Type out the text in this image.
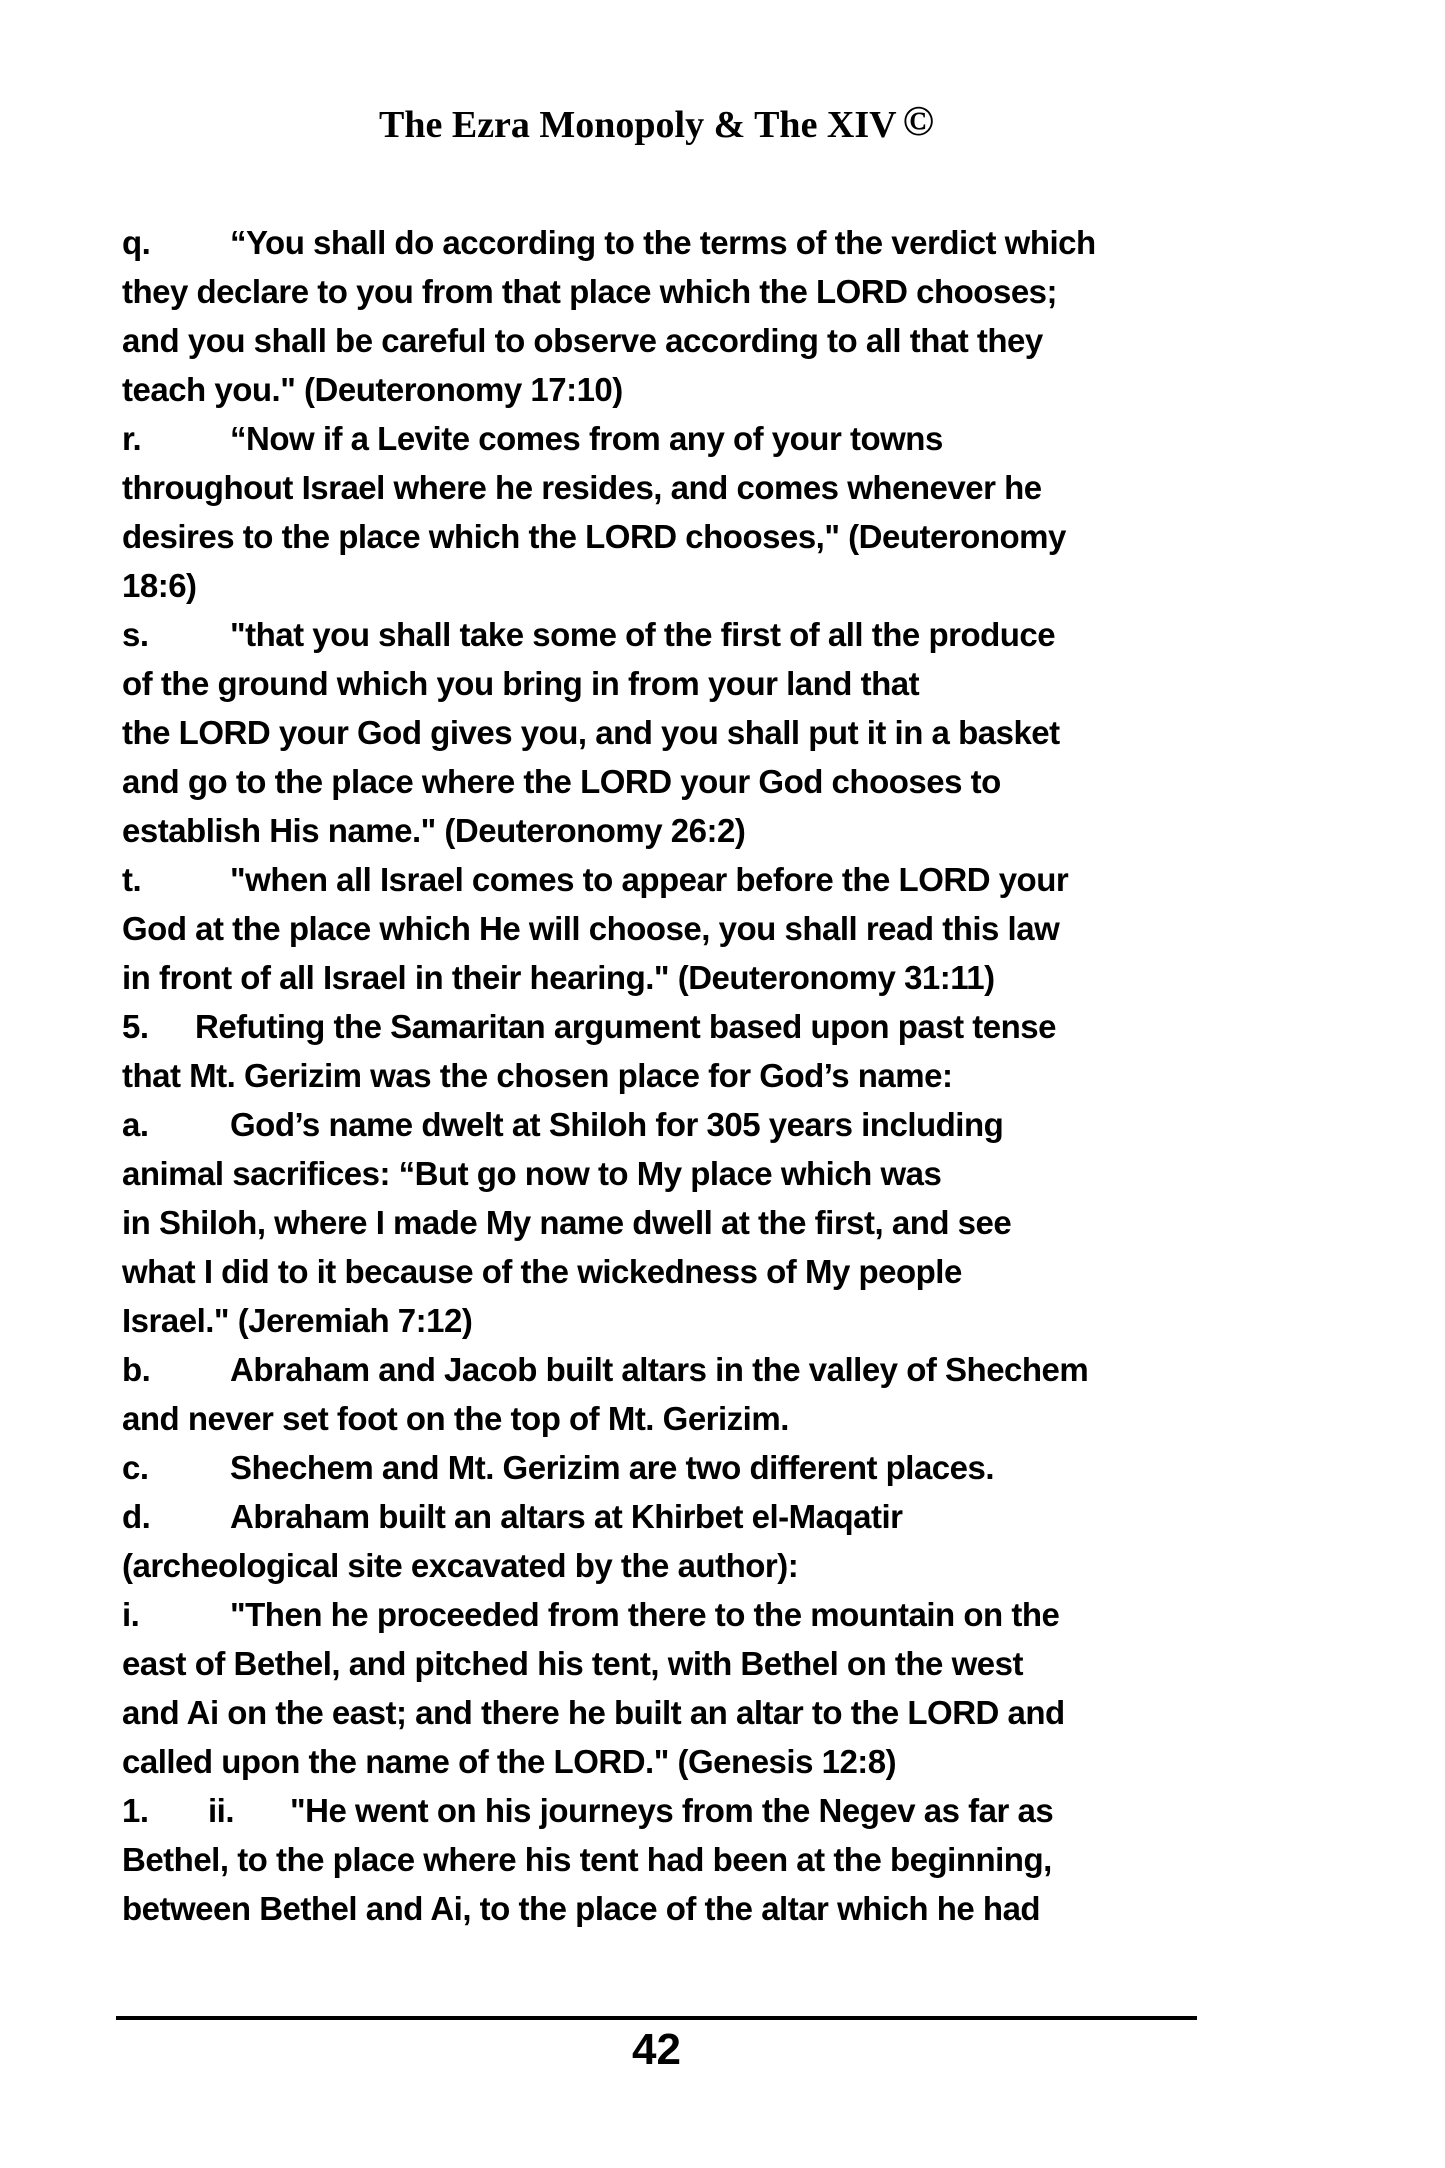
The Ezra Monopoly & The XIV ©
q. “You shall do according to the terms of the verdict which
they declare to you from that place which the LORD chooses;
and you shall be careful to observe according to all that they
teach you." (Deuteronomy 17:10)
r.	“Now if a Levite comes from any of your towns
throughout Israel where he resides, and comes whenever he
desires to the place which the LORD chooses," (Deuteronomy
18:6)
s. "that you shall take some of the first of all the produce
of the ground which you bring in from your land that
the LORD your God gives you, and you shall put it in a basket
and go to the place where the LORD your God chooses to
establish His name." (Deuteronomy 26:2)
t.	"when all Israel comes to appear before the LORD your
God at the place which He will choose, you shall read this law
in front of all Israel in their hearing." (Deuteronomy 31:11)
5. Refuting the Samaritan argument based upon past tense
that Mt. Gerizim was the chosen place for God’s name:
a. God’s name dwelt at Shiloh for 305 years including
animal sacrifices: “But go now to My place which was
in Shiloh, where I made My name dwell at the first, and see
what I did to it because of the wickedness of My people
Israel." (Jeremiah 7:12)
b. Abraham and Jacob built altars in the valley of Shechem
and never set foot on the top of Mt. Gerizim.
c. Shechem and Mt. Gerizim are two different places.
d. Abraham built an altars at Khirbet el-Maqatir
(archeological site excavated by the author):
i.	"Then he proceeded from there to the mountain on the
east of Bethel, and pitched his tent, with Bethel on the west
and Ai on the east; and there he built an altar to the LORD and
called upon the name of the LORD." (Genesis 12:8)
1. ii. "He went on his journeys from the Negev as far as
Bethel, to the place where his tent had been at the beginning,
between Bethel and Ai, to the place of the altar which he had
42
